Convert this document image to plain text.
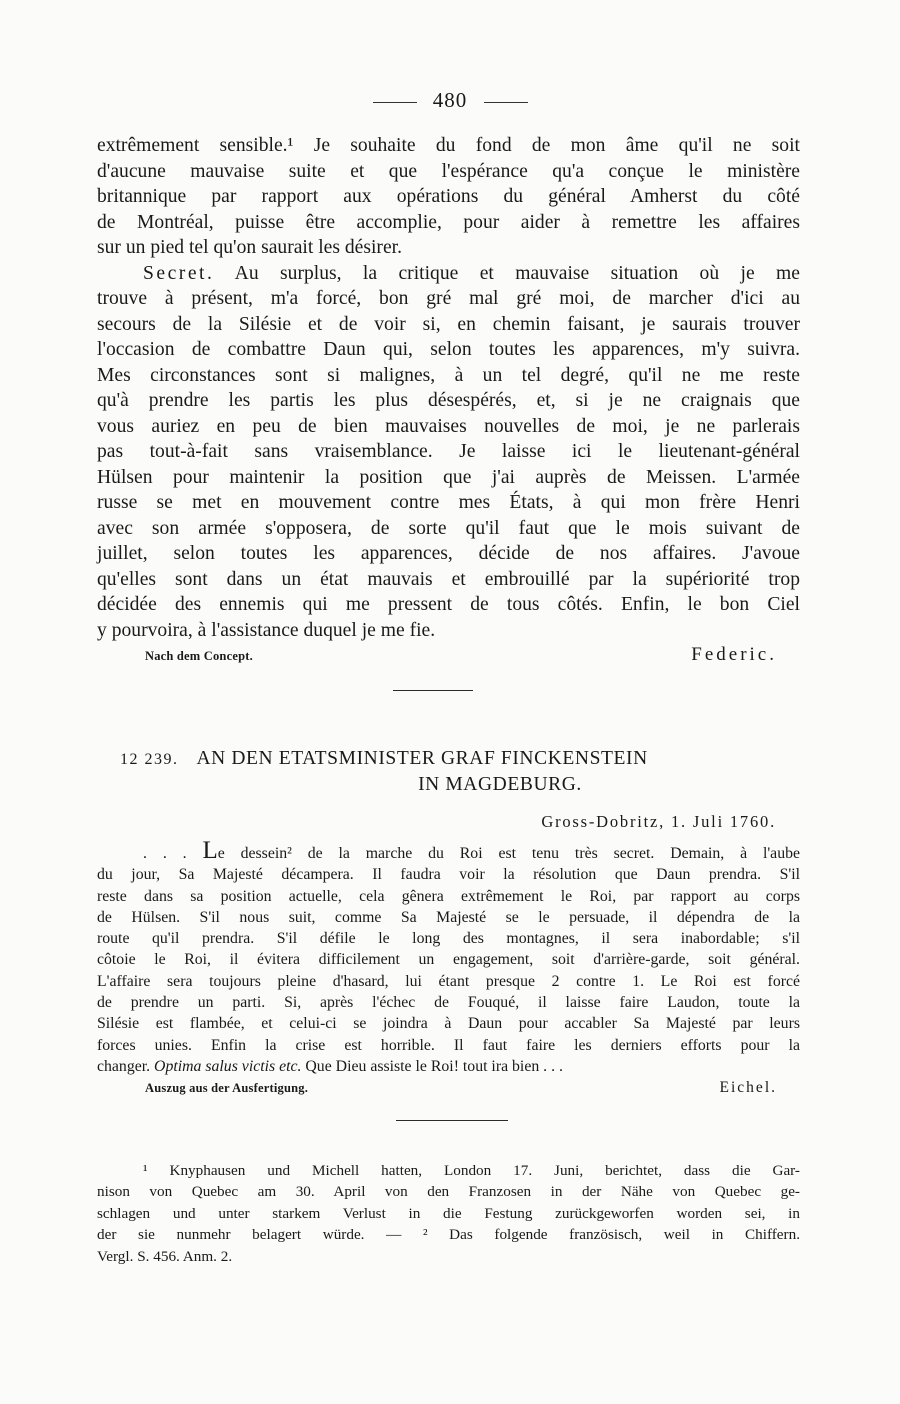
480
extrêmement sensible.¹ Je souhaite du fond de mon âme qu'il ne soit
d'aucune mauvaise suite et que l'espérance qu'a conçue le ministère
britannique par rapport aux opérations du général Amherst du côté
de Montréal, puisse être accomplie, pour aider à remettre les affaires
sur un pied tel qu'on saurait les désirer.
Secret. Au surplus, la critique et mauvaise situation où je me
trouve à présent, m'a forcé, bon gré mal gré moi, de marcher d'ici au
secours de la Silésie et de voir si, en chemin faisant, je saurais trouver
l'occasion de combattre Daun qui, selon toutes les apparences, m'y suivra.
Mes circonstances sont si malignes, à un tel degré, qu'il ne me reste
qu'à prendre les partis les plus désespérés, et, si je ne craignais que
vous auriez en peu de bien mauvaises nouvelles de moi, je ne parlerais
pas tout-à-fait sans vraisemblance. Je laisse ici le lieutenant-général
Hülsen pour maintenir la position que j'ai auprès de Meissen. L'armée
russe se met en mouvement contre mes États, à qui mon frère Henri
avec son armée s'opposera, de sorte qu'il faut que le mois suivant de
juillet, selon toutes les apparences, décide de nos affaires. J'avoue
qu'elles sont dans un état mauvais et embrouillé par la supériorité trop
décidée des ennemis qui me pressent de tous côtés. Enfin, le bon Ciel
y pourvoira, à l'assistance duquel je me fie.
Nach dem Concept.	Federic.
12 239. AN DEN ETATSMINISTER GRAF FINCKENSTEIN
IN MAGDEBURG.
Gross-Dobritz, 1. Juli 1760.
. . . Le dessein² de la marche du Roi est tenu très secret. Demain, à l'aube
du jour, Sa Majesté décampera. Il faudra voir la résolution que Daun prendra. S'il
reste dans sa position actuelle, cela gênera extrêmement le Roi, par rapport au corps
de Hülsen. S'il nous suit, comme Sa Majesté se le persuade, il dépendra de la
route qu'il prendra. S'il défile le long des montagnes, il sera inabordable; s'il
côtoie le Roi, il évitera difficilement un engagement, soit d'arrière-garde, soit général.
L'affaire sera toujours pleine d'hasard, lui étant presque 2 contre 1. Le Roi est forcé
de prendre un parti. Si, après l'échec de Fouqué, il laisse faire Laudon, toute la
Silésie est flambée, et celui-ci se joindra à Daun pour accabler Sa Majesté par leurs
forces unies. Enfin la crise est horrible. Il faut faire les derniers efforts pour la
changer. Optima salus victis etc. Que Dieu assiste le Roi! tout ira bien . . .
Auszug aus der Ausfertigung.	Eichel.
¹ Knyphausen und Michell hatten, London 17. Juni, berichtet, dass die Gar-
nison von Quebec am 30. April von den Franzosen in der Nähe von Quebec ge-
schlagen und unter starkem Verlust in die Festung zurückgeworfen worden sei, in
der sie nunmehr belagert würde. — ² Das folgende französisch, weil in Chiffern.
Vergl. S. 456. Anm. 2.
